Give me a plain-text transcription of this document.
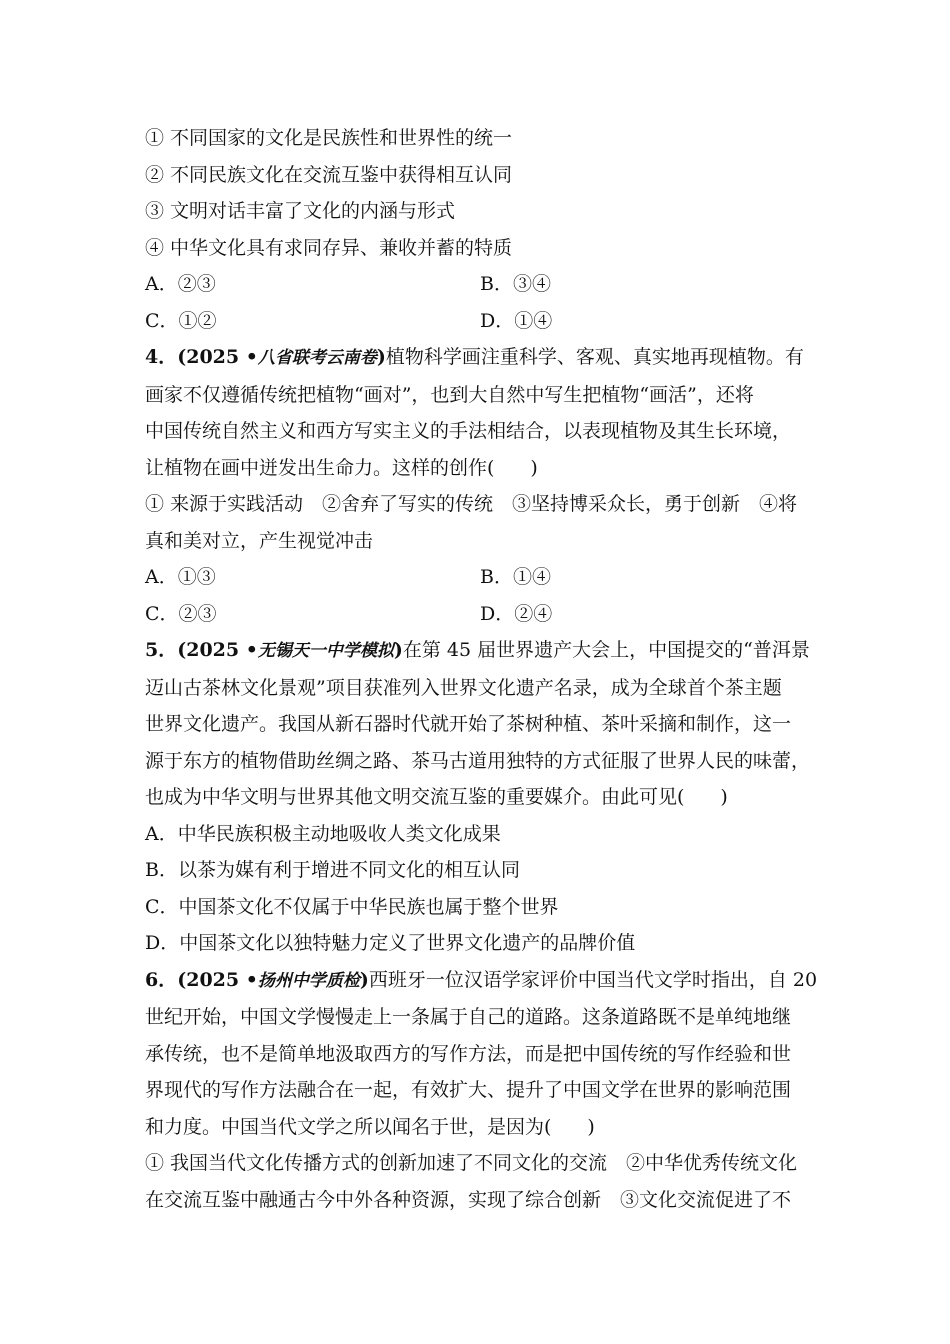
① 不同国家的文化是民族性和世界性的统一
② 不同民族文化在交流互鉴中获得相互认同
③ 文明对话丰富了文化的内涵与形式
④ 中华文化具有求同存异、兼收并蓄的特质
A．②③	B．③④
C．①②	D．①④
4．(2025 •八省联考云南卷)植物科学画注重科学、客观、真实地再现植物。有
画家不仅遵循传统把植物“画对”，也到大自然中写生把植物“画活”，还将
中国传统自然主义和西方写实主义的手法相结合，以表现植物及其生长环境，
让植物在画中迸发出生命力。这样的创作( )
① 来源于实践活动　②舍弃了写实的传统　③坚持博采众长，勇于创新　④将
真和美对立，产生视觉冲击
A．①③	B．①④
C．②③	D．②④
5．(2025 •无锡天一中学模拟)在第 45 届世界遗产大会上，中国提交的“普洱景
迈山古茶林文化景观”项目获准列入世界文化遗产名录，成为全球首个茶主题
世界文化遗产。我国从新石器时代就开始了茶树种植、茶叶采摘和制作，这一
源于东方的植物借助丝绸之路、茶马古道用独特的方式征服了世界人民的味蕾，
也成为中华文明与世界其他文明交流互鉴的重要媒介。由此可见( )
A．中华民族积极主动地吸收人类文化成果
B．以茶为媒有利于增进不同文化的相互认同
C．中国茶文化不仅属于中华民族也属于整个世界
D．中国茶文化以独特魅力定义了世界文化遗产的品牌价值
6．(2025 •扬州中学质检)西班牙一位汉语学家评价中国当代文学时指出，自 20
世纪开始，中国文学慢慢走上一条属于自己的道路。这条道路既不是单纯地继
承传统，也不是简单地汲取西方的写作方法，而是把中国传统的写作经验和世
界现代的写作方法融合在一起，有效扩大、提升了中国文学在世界的影响范围
和力度。中国当代文学之所以闻名于世，是因为( )
① 我国当代文化传播方式的创新加速了不同文化的交流　②中华优秀传统文化
在交流互鉴中融通古今中外各种资源，实现了综合创新　③文化交流促进了不
